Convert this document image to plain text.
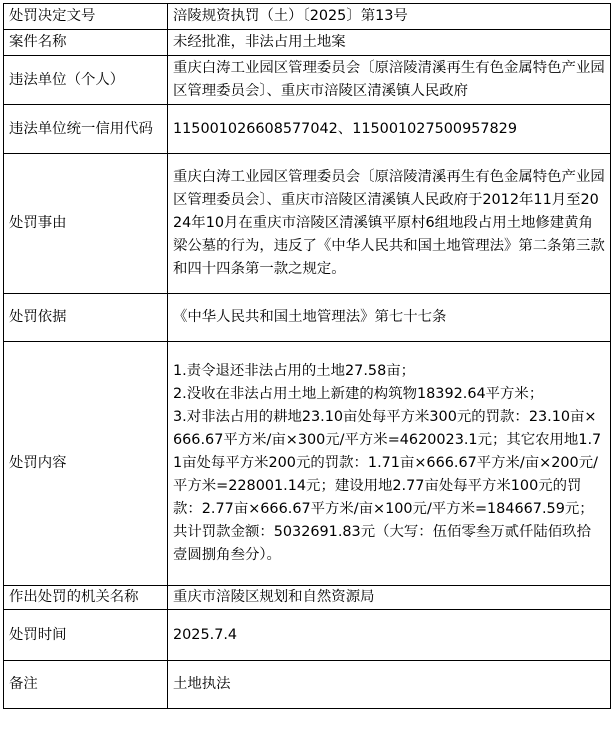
处罚决定文号	涪陵规资执罚（土）〔2025〕第13号

案件名称	未经批准，非法占用土地案

违法单位（个人）	重庆白涛工业园区管理委员会〔原涪陵清溪再生有色金属特色产业园区管理委员会〕、重庆市涪陵区清溪镇人民政府

违法单位统一信用代码	115001026608577042、115001027500957829

处罚事由	重庆白涛工业园区管理委员会〔原涪陵清溪再生有色金属特色产业园区管理委员会〕、重庆市涪陵区清溪镇人民政府于2012年11月至2024年10月在重庆市涪陵区清溪镇平原村6组地段占用土地修建黄角梁公墓的行为，违反了《中华人民共和国土地管理法》第二条第三款和四十四条第一款之规定。

处罚依据	《中华人民共和国土地管理法》第七十七条

处罚内容	1.责令退还非法占用的土地27.58亩；
2.没收在非法占用土地上新建的构筑物18392.64平方米；
3.对非法占用的耕地23.10亩处每平方米300元的罚款：23.10亩×666.67平方米/亩×300元/平方米=4620023.1元；其它农用地1.71亩处每平方米200元的罚款：1.71亩×666.67平方米/亩×200元/平方米=228001.14元；建设用地2.77亩处每平方米100元的罚款：2.77亩×666.67平方米/亩×100元/平方米=184667.59元；共计罚款金额：5032691.83元（大写：伍佰零叁万贰仟陆佰玖拾壹圆捌角叁分）。

作出处罚的机关名称	重庆市涪陵区规划和自然资源局

处罚时间	2025.7.4

备注	土地执法
